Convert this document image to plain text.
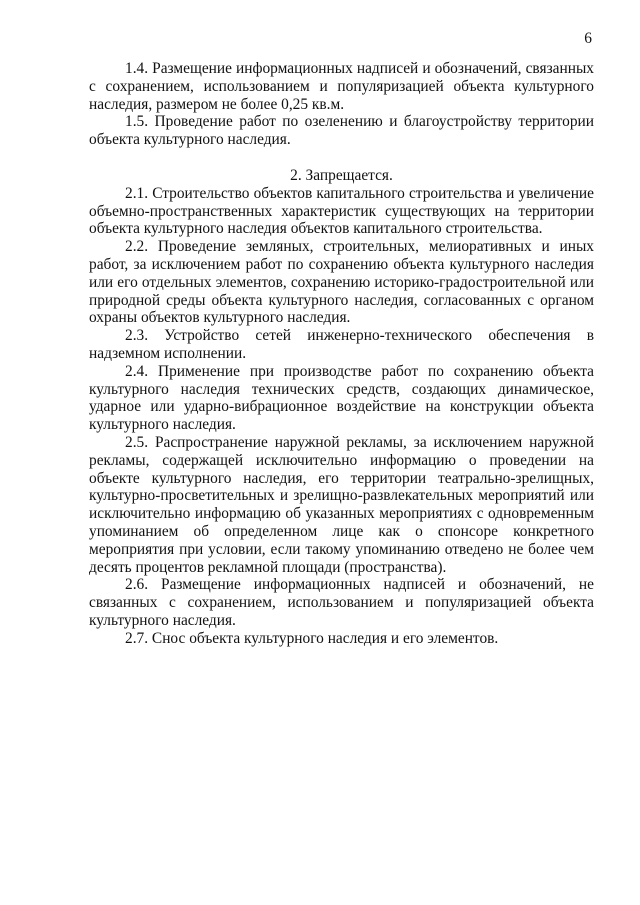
6

1.4. Размещение информационных надписей и обозначений, связанных с сохранением, использованием и популяризацией объекта культурного наследия, размером не более 0,25 кв.м.

1.5. Проведение работ по озеленению и благоустройству территории объекта культурного наследия.

2. Запрещается.

2.1. Строительство объектов капитального строительства и увеличение объемно-пространственных характеристик существующих на территории объекта культурного наследия объектов капитального строительства.

2.2. Проведение земляных, строительных, мелиоративных и иных работ, за исключением работ по сохранению объекта культурного наследия или его отдельных элементов, сохранению историко-градостроительной или природной среды объекта культурного наследия, согласованных с органом охраны объектов культурного наследия.

2.3. Устройство сетей инженерно-технического обеспечения в надземном исполнении.

2.4. Применение при производстве работ по сохранению объекта культурного наследия технических средств, создающих динамическое, ударное или ударно-вибрационное воздействие на конструкции объекта культурного наследия.

2.5. Распространение наружной рекламы, за исключением наружной рекламы, содержащей исключительно информацию о проведении на объекте культурного наследия, его территории театрально-зрелищных, культурно-просветительных и зрелищно-развлекательных мероприятий или исключительно информацию об указанных мероприятиях с одновременным упоминанием об определенном лице как о спонсоре конкретного мероприятия при условии, если такому упоминанию отведено не более чем десять процентов рекламной площади (пространства).

2.6. Размещение информационных надписей и обозначений, не связанных с сохранением, использованием и популяризацией объекта культурного наследия.

2.7. Снос объекта культурного наследия и его элементов.
